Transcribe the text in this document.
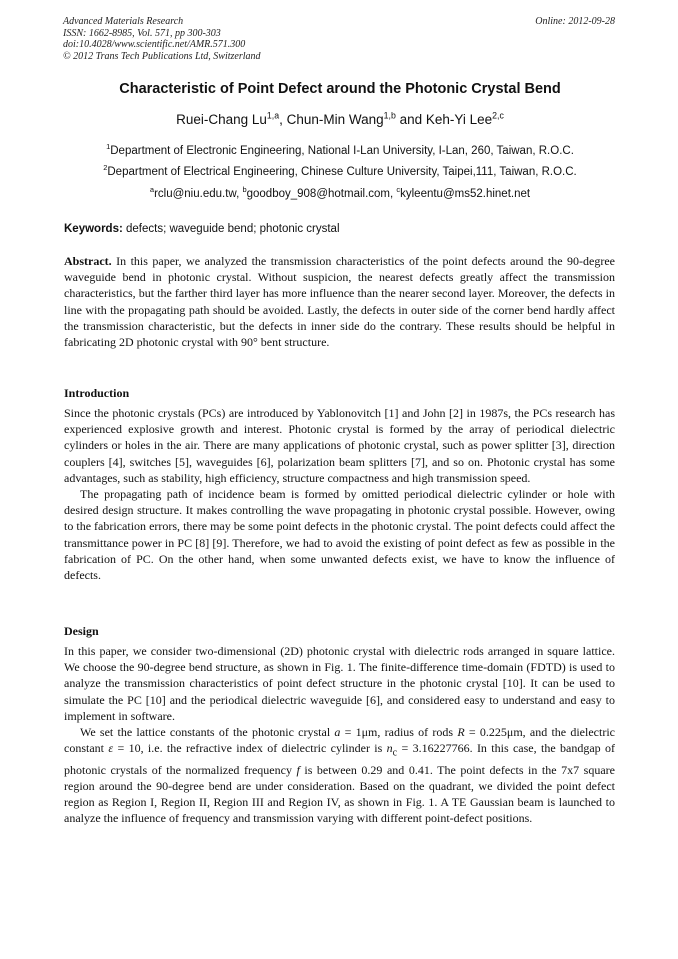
Advanced Materials Research
ISSN: 1662-8985, Vol. 571, pp 300-303
doi:10.4028/www.scientific.net/AMR.571.300
© 2012 Trans Tech Publications Ltd, Switzerland
Online: 2012-09-28
Characteristic of Point Defect around the Photonic Crystal Bend
Ruei-Chang Lu$^{1,a}$, Chun-Min Wang$^{1,b}$ and Keh-Yi Lee$^{2,c}$
$^1$Department of Electronic Engineering, National I-Lan University, I-Lan, 260, Taiwan, R.O.C.
$^2$Department of Electrical Engineering, Chinese Culture University, Taipei,111, Taiwan, R.O.C.
$^a$rclu@niu.edu.tw, $^b$goodboy_908@hotmail.com, $^c$kyleentu@ms52.hinet.net
Keywords: defects; waveguide bend; photonic crystal
Abstract. In this paper, we analyzed the transmission characteristics of the point defects around the 90-degree waveguide bend in photonic crystal. Without suspicion, the nearest defects greatly affect the transmission characteristics, but the farther third layer has more influence than the nearer second layer. Moreover, the defects in line with the propagating path should be avoided. Lastly, the defects in outer side of the corner bend hardly affect the transmission characteristic, but the defects in inner side do the contrary. These results should be helpful in fabricating 2D photonic crystal with 90° bent structure.
Introduction

Since the photonic crystals (PCs) are introduced by Yablonovitch [1] and John [2] in 1987s, the PCs research has experienced explosive growth and interest. Photonic crystal is formed by the array of periodical dielectric cylinders or holes in the air. There are many applications of photonic crystal, such as power splitter [3], direction couplers [4], switches [5], waveguides [6], polarization beam splitters [7], and so on. Photonic crystal has some advantages, such as stability, high efficiency, structure compactness and high transmission speed.

The propagating path of incidence beam is formed by omitted periodical dielectric cylinder or hole with desired design structure. It makes controlling the wave propagating in photonic crystal possible. However, owing to the fabrication errors, there may be some point defects in the photonic crystal. The point defects could affect the transmittance power in PC [8] [9]. Therefore, we had to avoid the existing of point defect as few as possible in the fabrication of PC. On the other hand, when some unwanted defects exist, we have to know the influence of defects.

Design

In this paper, we consider two-dimensional (2D) photonic crystal with dielectric rods arranged in square lattice. We choose the 90-degree bend structure, as shown in Fig. 1. The finite-difference time-domain (FDTD) is used to analyze the transmission characteristics of point defect structure in the photonic crystal [10]. It can be used to simulate the PC [10] and the periodical dielectric waveguide [6], and considered easy to understand and easy to implement in software.

We set the lattice constants of the photonic crystal a = 1μm, radius of rods R = 0.225μm, and the dielectric constant ε = 10, i.e. the refractive index of dielectric cylinder is $n_c = 3.16227766$. In this case, the bandgap of photonic crystals of the normalized frequency f is between 0.29 and 0.41. The point defects in the 7x7 square region around the 90-degree bend are under consideration. Based on the quadrant, we divided the point defect region as Region I, Region II, Region III and Region IV, as shown in Fig. 1. A TE Gaussian beam is launched to analyze the influence of frequency and transmission varying with different point-defect positions.
